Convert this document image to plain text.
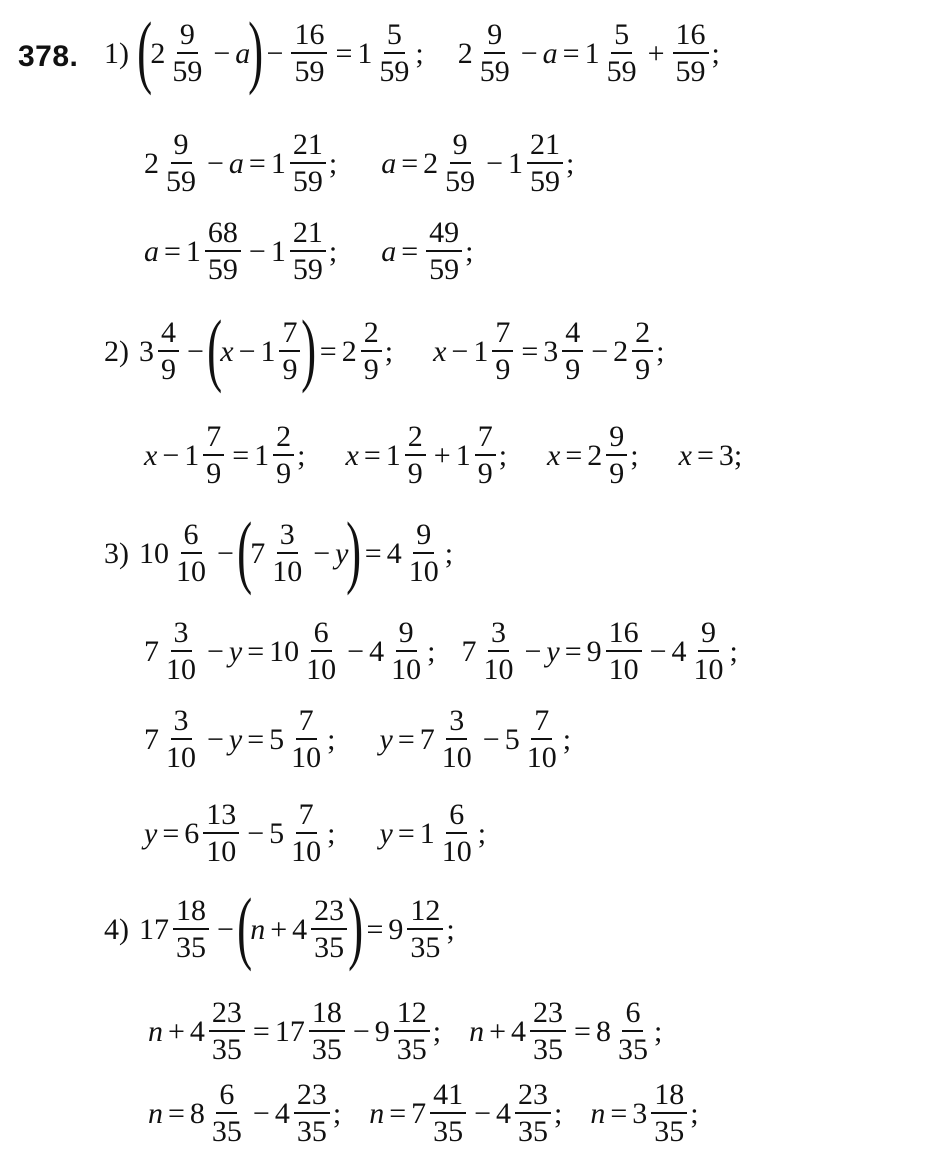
378. 1) (
$2 \frac{9}{59} - a$
) − $\frac{16}{59} = 1 \frac{5}{59}$ ; $2 \frac{9}{59} - a = 1 \frac{5}{59} + \frac{16}{59}$ ;
$2 \frac{9}{59} - a = 1 \frac{21}{59}$ ; $a = 2 \frac{9}{59} - 1 \frac{21}{59}$ ;
$a = 1 \frac{68}{59} - 1 \frac{21}{59}$ ; $a = \frac{49}{59}$ ;
2) $3 \frac{4}{9}$ − (
$x - 1 \frac{7}{9}$ ) = $2 \frac{2}{9}$ ; $x - 1 \frac{7}{9} = 3 \frac{4}{9} - 2 \frac{2}{9}$ ;
$x - 1 \frac{7}{9} = 1 \frac{2}{9}$ ; $x = 1 \frac{2}{9} + 1 \frac{7}{9}$ ; $x = 2 \frac{9}{9}$ ; x = 3 ;
3) $10 \frac{6}{10}$ − (
$7 \frac{3}{10} - y$
) = $4 \frac{9}{10}$ ;
$7 \frac{3}{10} - y = 10 \frac{6}{10} - 4 \frac{9}{10}$ ; $7 \frac{3}{10} - y = 9 \frac{16}{10} - 4 \frac{9}{10}$ ;
$7 \frac{3}{10} - y = 5 \frac{7}{10}$ ; $y = 7 \frac{3}{10} - 5 \frac{7}{10}$ ;
$y = 6 \frac{13}{10} - 5 \frac{7}{10}$ ; $y = 1 \frac{6}{10}$ ;
4) $17 \frac{18}{35}$ − (
$n + 4 \frac{23}{35}$ ) = $9 \frac{12}{35}$ ;
$n + 4 \frac{23}{35} = 17 \frac{18}{35} - 9 \frac{12}{35}$ ; $n + 4 \frac{23}{35} = 8 \frac{6}{35}$ ;
$n = 8 \frac{6}{35} - 4 \frac{23}{35}$ ; $n = 7 \frac{41}{35} - 4 \frac{23}{35}$ ; $n = 3 \frac{18}{35}$ ;
